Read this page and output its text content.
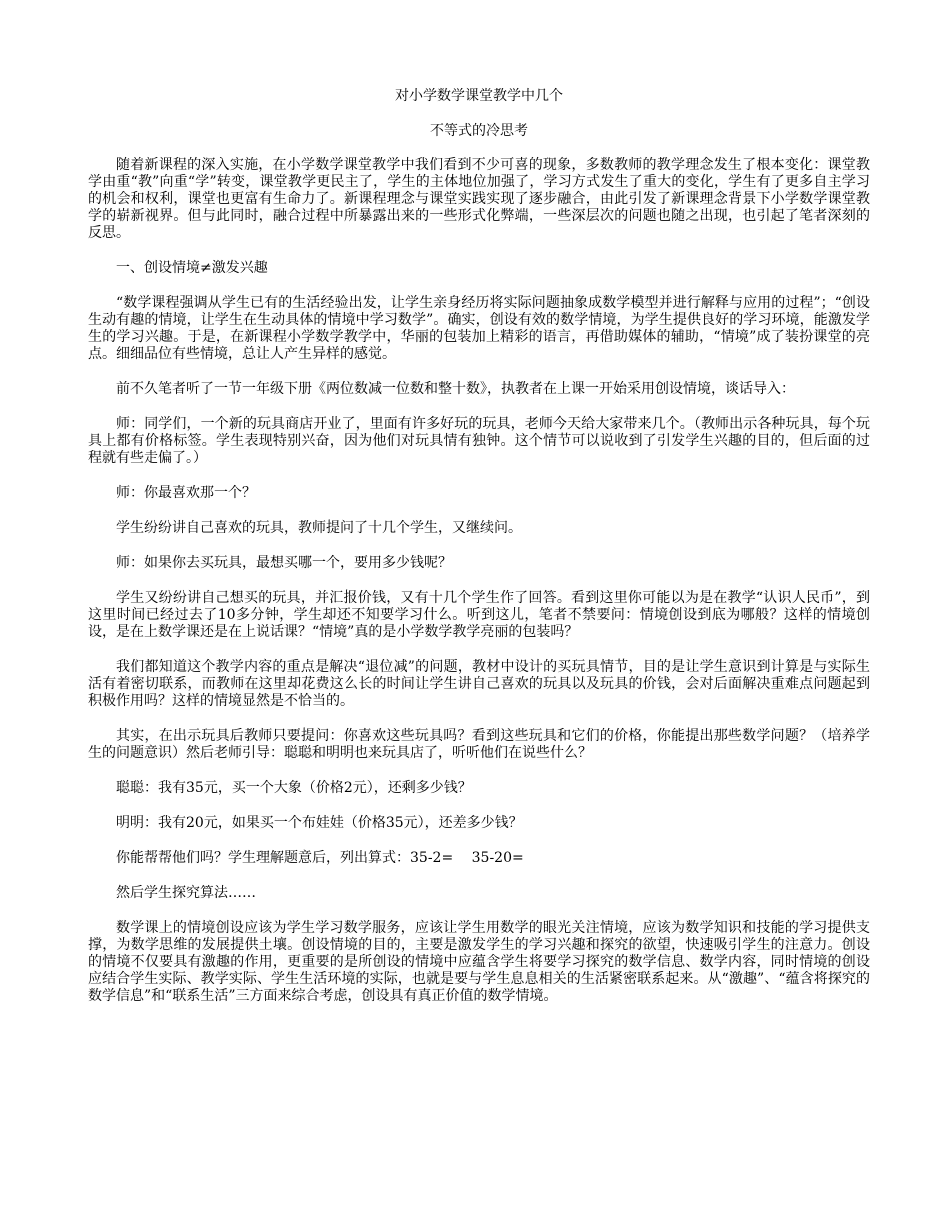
对小学数学课堂教学中几个
不等式的冷思考

随着新课程的深入实施，在小学数学课堂教学中我们看到不少可喜的现象，多数教师的教学理念发生了根本变化：课堂教学由重“教”向重“学”转变，课堂教学更民主了，学生的主体地位加强了，学习方式发生了重大的变化，学生有了更多自主学习的机会和权利，课堂也更富有生命力了。新课程理念与课堂实践实现了逐步融合，由此引发了新课理念背景下小学数学课堂教学的崭新视界。但与此同时，融合过程中所暴露出来的一些形式化弊端，一些深层次的问题也随之出现，也引起了笔者深刻的反思。

一、创设情境≠激发兴趣

“数学课程强调从学生已有的生活经验出发，让学生亲身经历将实际问题抽象成数学模型并进行解释与应用的过程”；“创设生动有趣的情境，让学生在生动具体的情境中学习数学”。确实，创设有效的数学情境，为学生提供良好的学习环境，能激发学生的学习兴趣。于是，在新课程小学数学教学中，华丽的包装加上精彩的语言，再借助媒体的辅助，“情境”成了装扮课堂的亮点。细细品位有些情境，总让人产生异样的感觉。

前不久笔者听了一节一年级下册《两位数减一位数和整十数》，执教者在上课一开始采用创设情境，谈话导入：

师：同学们，一个新的玩具商店开业了，里面有许多好玩的玩具，老师今天给大家带来几个。（教师出示各种玩具，每个玩具上都有价格标签。学生表现特别兴奋，因为他们对玩具情有独钟。这个情节可以说收到了引发学生兴趣的目的，但后面的过程就有些走偏了。）

师：你最喜欢那一个？

学生纷纷讲自己喜欢的玩具，教师提问了十几个学生，又继续问。

师：如果你去买玩具，最想买哪一个，要用多少钱呢？

学生又纷纷讲自己想买的玩具，并汇报价钱，又有十几个学生作了回答。看到这里你可能以为是在教学“认识人民币”，到这里时间已经过去了10多分钟，学生却还不知要学习什么。听到这儿，笔者不禁要问：情境创设到底为哪般？这样的情境创设，是在上数学课还是在上说话课？“情境”真的是小学数学教学亮丽的包装吗？

我们都知道这个教学内容的重点是解决“退位减”的问题，教材中设计的买玩具情节，目的是让学生意识到计算是与实际生活有着密切联系，而教师在这里却花费这么长的时间让学生讲自己喜欢的玩具以及玩具的价钱，会对后面解决重难点问题起到积极作用吗？这样的情境显然是不恰当的。

其实，在出示玩具后教师只要提问：你喜欢这些玩具吗？看到这些玩具和它们的价格，你能提出那些数学问题？（培养学生的问题意识）然后老师引导：聪聪和明明也来玩具店了，听听他们在说些什么？

聪聪：我有35元，买一个大象（价格2元），还剩多少钱？

明明：我有20元，如果买一个布娃娃（价格35元），还差多少钱？

你能帮帮他们吗？学生理解题意后，列出算式：35-2=　 35-20=

然后学生探究算法……

数学课上的情境创设应该为学生学习数学服务，应该让学生用数学的眼光关注情境，应该为数学知识和技能的学习提供支撑，为数学思维的发展提供土壤。创设情境的目的，主要是激发学生的学习兴趣和探究的欲望，快速吸引学生的注意力。创设的情境不仅要具有激趣的作用，更重要的是所创设的情境中应蕴含学生将要学习探究的数学信息、数学内容，同时情境的创设应结合学生实际、教学实际、学生生活环境的实际，也就是要与学生息息相关的生活紧密联系起来。从“激趣”、“蕴含将探究的数学信息”和“联系生活”三方面来综合考虑，创设具有真正价值的数学情境。
